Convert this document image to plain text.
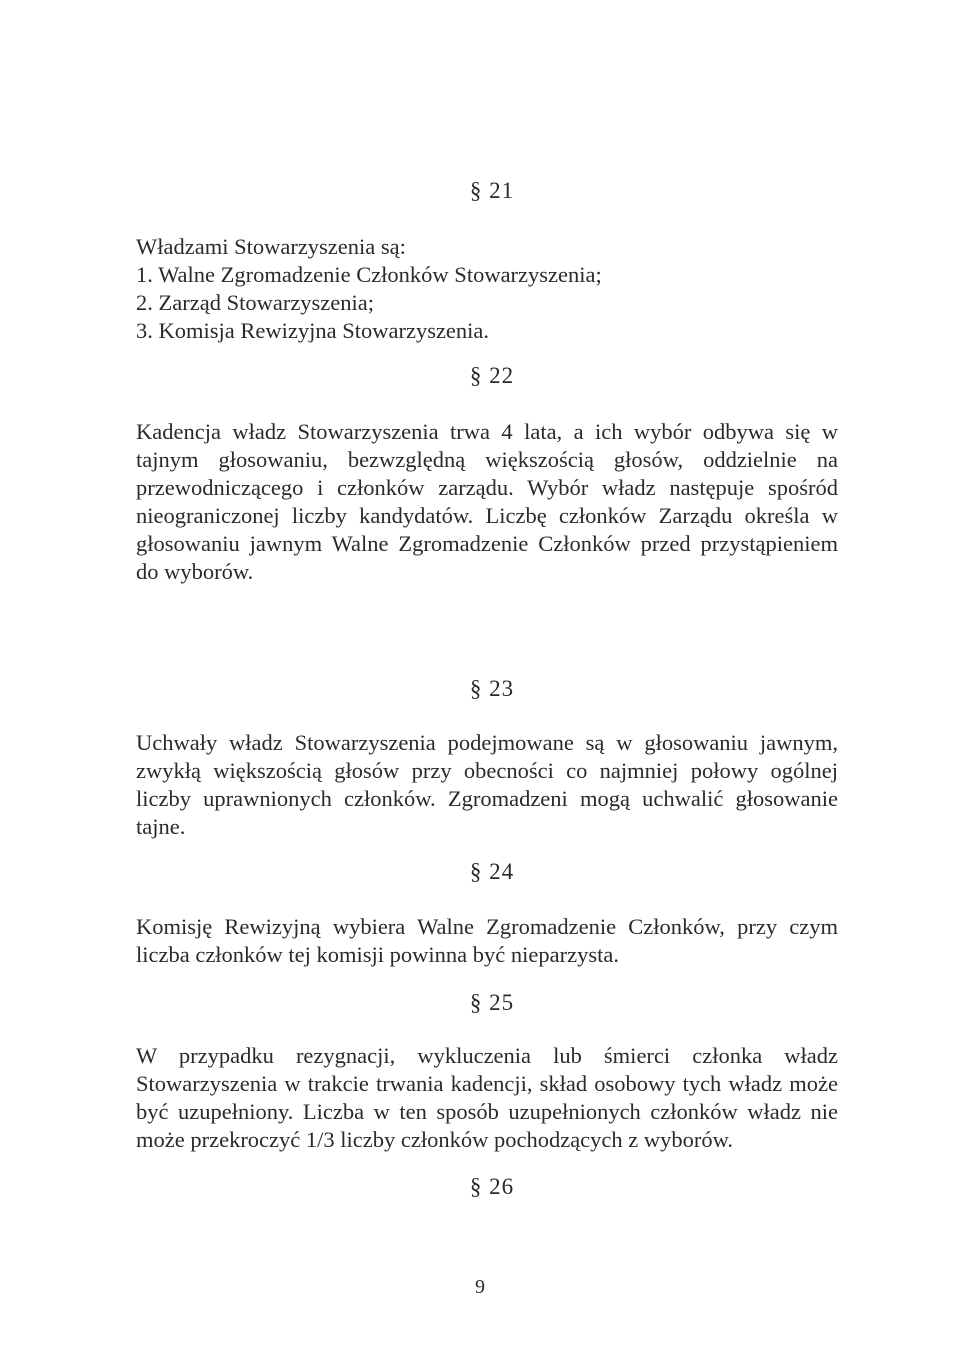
§ 21
Władzami Stowarzyszenia są:
1. Walne Zgromadzenie Członków Stowarzyszenia;
2. Zarząd Stowarzyszenia;
3. Komisja Rewizyjna Stowarzyszenia.
§ 22
Kadencja władz Stowarzyszenia trwa 4 lata, a ich wybór odbywa się w
tajnym głosowaniu, bezwzględną większością głosów, oddzielnie na
przewodniczącego i członków zarządu. Wybór władz następuje spośród
nieograniczonej liczby kandydatów. Liczbę członków Zarządu określa w
głosowaniu jawnym Walne Zgromadzenie Członków przed przystąpieniem
do wyborów.
§ 23
Uchwały władz Stowarzyszenia podejmowane są w głosowaniu jawnym,
zwykłą większością głosów przy obecności co najmniej połowy ogólnej
liczby uprawnionych członków. Zgromadzeni mogą uchwalić głosowanie
tajne.
§ 24
Komisję Rewizyjną wybiera Walne Zgromadzenie Członków, przy czym
liczba członków tej komisji powinna być nieparzysta.
§ 25
W przypadku rezygnacji, wykluczenia lub śmierci członka władz
Stowarzyszenia w trakcie trwania kadencji, skład osobowy tych władz może
być uzupełniony. Liczba w ten sposób uzupełnionych członków władz nie
może przekroczyć 1/3 liczby członków pochodzących z wyborów.
§ 26
9
